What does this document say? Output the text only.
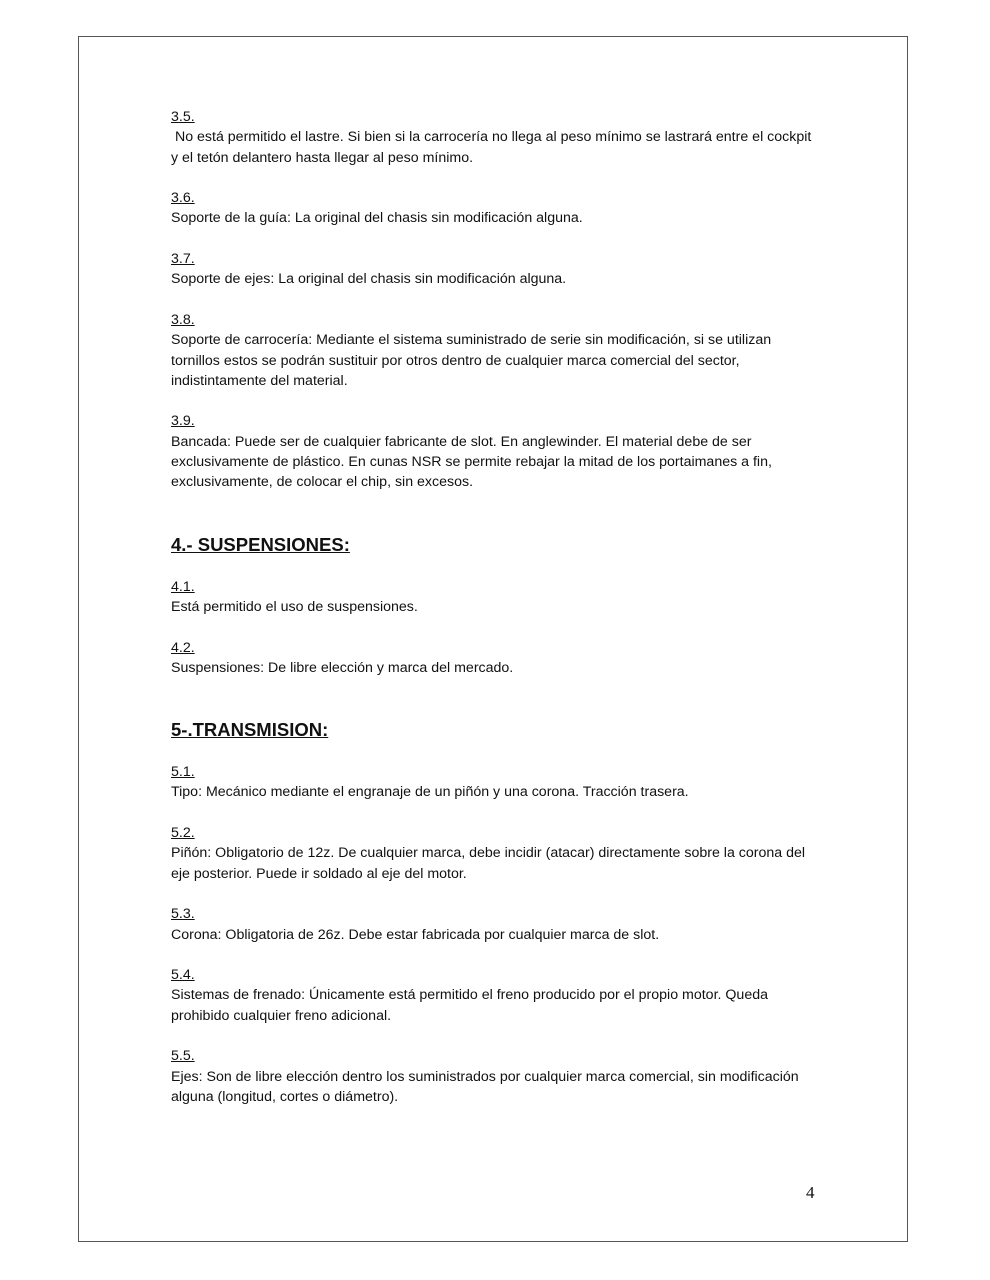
3.5.
No está permitido el lastre. Si bien si la carrocería no llega al peso mínimo se lastrará entre el cockpit y el tetón delantero hasta llegar al peso mínimo.
3.6.
Soporte de la guía: La original del chasis sin modificación alguna.
3.7.
Soporte de ejes: La original del chasis sin modificación alguna.
3.8.
Soporte de carrocería: Mediante el sistema suministrado de serie sin modificación, si se utilizan tornillos estos se podrán sustituir por otros dentro de cualquier marca comercial del sector, indistintamente del material.
3.9.
Bancada: Puede ser de cualquier fabricante de slot. En anglewinder. El material debe de ser exclusivamente de plástico. En cunas NSR se permite rebajar la mitad de los portaimanes a fin, exclusivamente, de colocar el chip, sin excesos.
4.- SUSPENSIONES:
4.1.
Está permitido el uso de suspensiones.
4.2.
Suspensiones: De libre elección y marca del mercado.
5-.TRANSMISION:
5.1.
Tipo: Mecánico mediante el engranaje de un piñón y una corona. Tracción trasera.
5.2.
Piñón: Obligatorio de 12z. De cualquier marca, debe incidir (atacar) directamente sobre la corona del eje posterior. Puede ir soldado al eje del motor.
5.3.
Corona: Obligatoria de 26z. Debe estar fabricada por cualquier marca de slot.
5.4.
Sistemas de frenado: Únicamente está permitido el freno producido por el propio motor. Queda prohibido cualquier freno adicional.
5.5.
Ejes: Son de libre elección dentro los suministrados por cualquier marca comercial, sin modificación alguna (longitud, cortes o diámetro).
4
